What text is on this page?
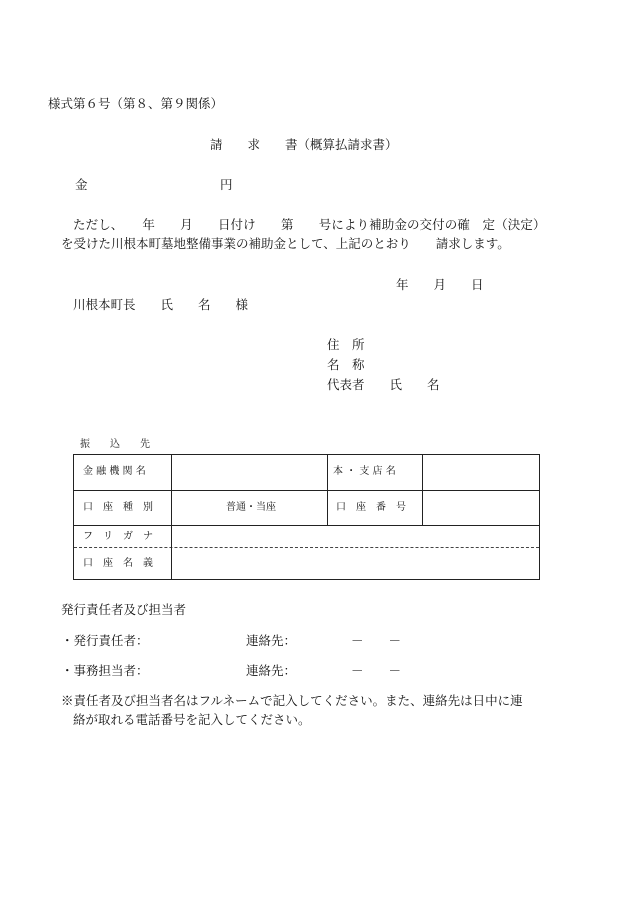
様式第６号（第８、第９関係）
請　　求　　書（概算払請求書）
金	円
ただし、　　年　　月　　日付け　　第　　号により補助金の交付の確　定（決定）
を受けた川根本町墓地整備事業の補助金として、上記のとおり　　請求します。
年　　月　　日
川根本町長　　氏　　名　　様
住　所
名　称
代表者　　氏　　名
振　　込　　先
金 融 機 関 名	本 ・ 支 店 名
口　座　種　別	普通・当座	口　座　番　号
フ　リ　ガ　ナ
口　座　名　義
発行責任者及び担当者
・発行責任者：	連絡先：	－　　－
・事務担当者：	連絡先：	－　　－
※責任者及び担当者名はフルネームで記入してください。また、連絡先は日中に連
絡が取れる電話番号を記入してください。
